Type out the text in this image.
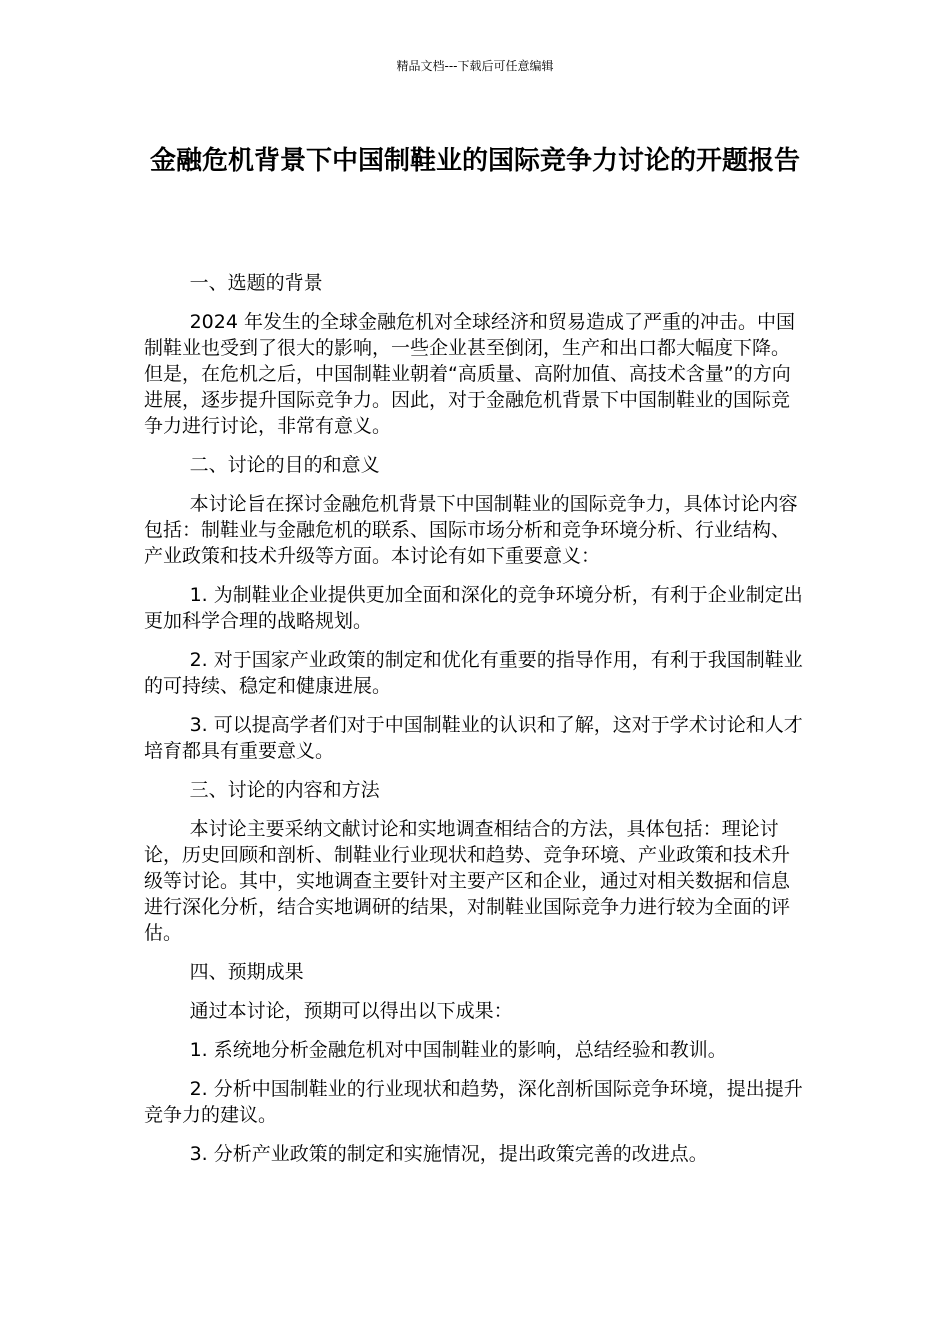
精品文档---下载后可任意编辑
金融危机背景下中国制鞋业的国际竞争力讨论的开题报告

一、选题的背景

2024 年发生的全球金融危机对全球经济和贸易造成了严重的冲击。中国制鞋业也受到了很大的影响，一些企业甚至倒闭，生产和出口都大幅度下降。但是，在危机之后，中国制鞋业朝着“高质量、高附加值、高技术含量”的方向进展，逐步提升国际竞争力。因此，对于金融危机背景下中国制鞋业的国际竞争力进行讨论，非常有意义。

二、讨论的目的和意义

本讨论旨在探讨金融危机背景下中国制鞋业的国际竞争力，具体讨论内容包括：制鞋业与金融危机的联系、国际市场分析和竞争环境分析、行业结构、产业政策和技术升级等方面。本讨论有如下重要意义：

1. 为制鞋业企业提供更加全面和深化的竞争环境分析，有利于企业制定出更加科学合理的战略规划。

2. 对于国家产业政策的制定和优化有重要的指导作用，有利于我国制鞋业的可持续、稳定和健康进展。

3. 可以提高学者们对于中国制鞋业的认识和了解，这对于学术讨论和人才培育都具有重要意义。

三、讨论的内容和方法

本讨论主要采纳文献讨论和实地调查相结合的方法，具体包括：理论讨论，历史回顾和剖析、制鞋业行业现状和趋势、竞争环境、产业政策和技术升级等讨论。其中，实地调查主要针对主要产区和企业，通过对相关数据和信息进行深化分析，结合实地调研的结果，对制鞋业国际竞争力进行较为全面的评估。

四、预期成果

通过本讨论，预期可以得出以下成果：

1. 系统地分析金融危机对中国制鞋业的影响，总结经验和教训。

2. 分析中国制鞋业的行业现状和趋势，深化剖析国际竞争环境，提出提升竞争力的建议。

3. 分析产业政策的制定和实施情况，提出政策完善的改进点。
